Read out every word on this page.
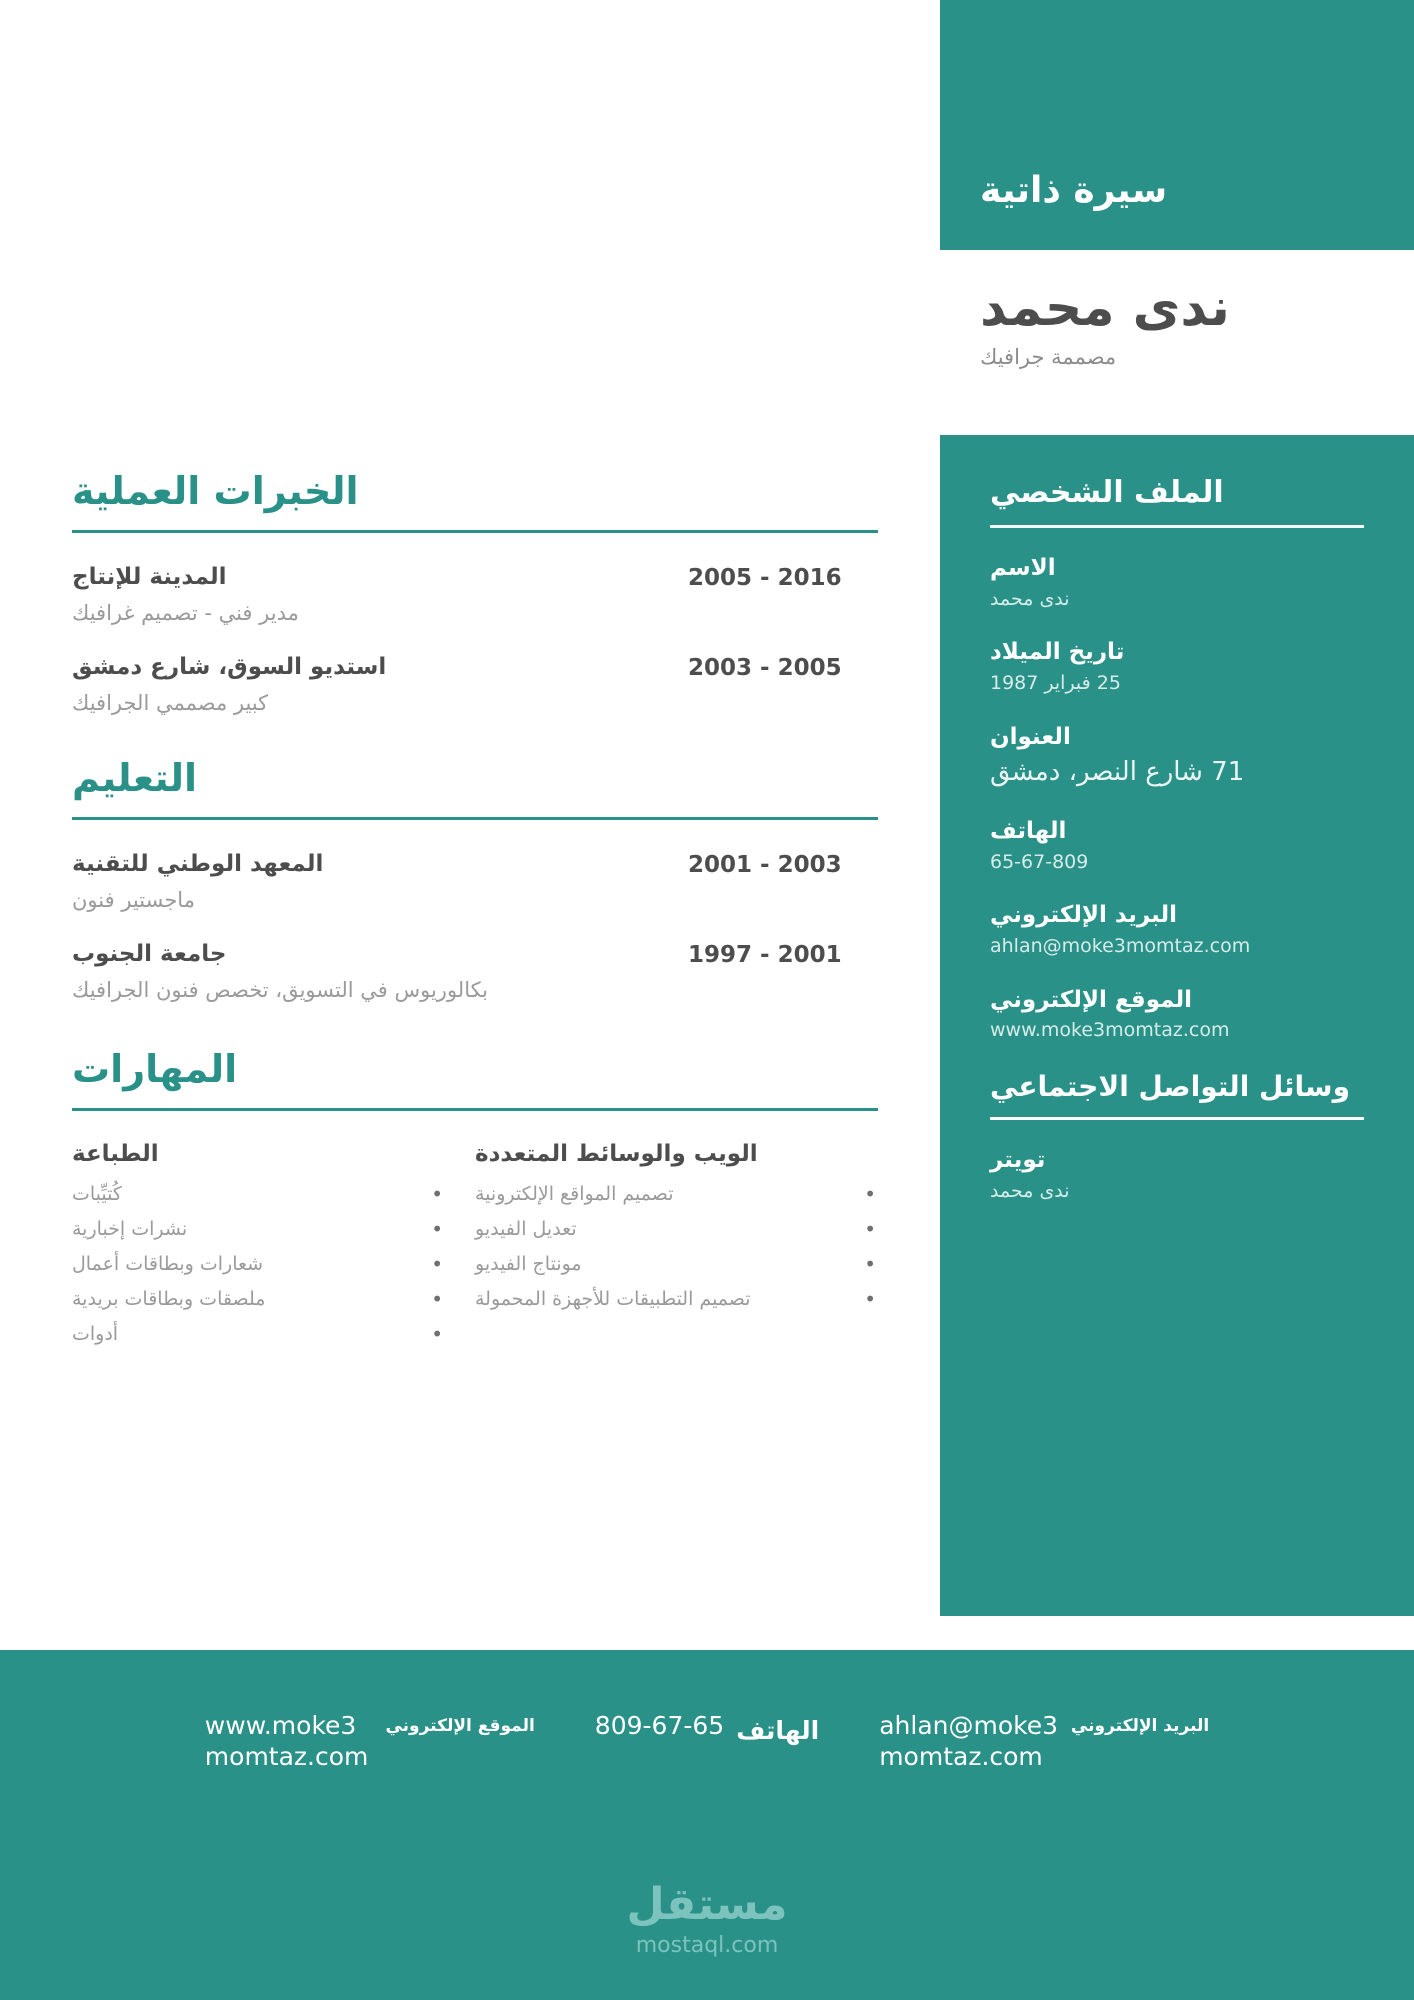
سيرة ذاتية
ندى محمد
مصممة جرافيك
الملف الشخصي
الاسم
ندى محمد
تاريخ الميلاد
25 فبراير 1987
العنوان
71 شارع النصر، دمشق
الهاتف
65-67-809
البريد الإلكتروني
ahlan@moke3momtaz.com
الموقع الإلكتروني
www.moke3momtaz.com
وسائل التواصل الاجتماعي
تويتر
ندى محمد
الخبرات العملية
2005 - 2016
المدينة للإنتاج
مدير فني - تصميم غرافيك
2003 - 2005
استديو السوق، شارع دمشق
كبير مصممي الجرافيك
التعليم
2001 - 2003
المعهد الوطني للتقنية
ماجستير فنون
1997 - 2001
جامعة الجنوب
بكالوريوس في التسويق، تخصص فنون الجرافيك
المهارات
الويب والوسائط المتعددة
• تصميم المواقع الإلكترونية
• تعديل الفيديو
• مونتاج الفيديو
• تصميم التطبيقات للأجهزة المحمولة
الطباعة
• كُتيِّبات
• نشرات إخبارية
• شعارات وبطاقات أعمال
• ملصقات وبطاقات بريدية
• أدوات
البريد الإلكتروني
ahlan@moke3momtaz.com
الهاتف
809-67-65
الموقع الإلكتروني
www.moke3momtaz.com
مستقل
mostaql.com
